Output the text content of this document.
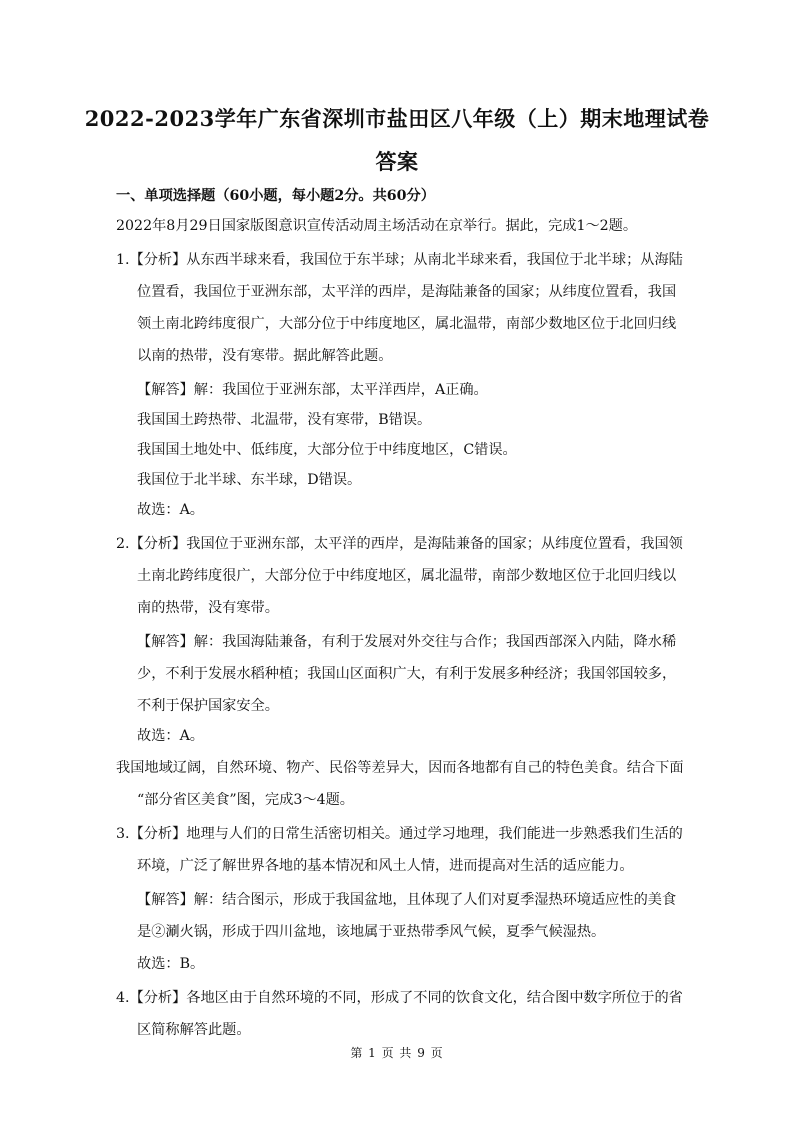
2022-2023学年广东省深圳市盐田区八年级（上）期末地理试卷
答案
一、单项选择题（60小题，每小题2分。共60分）
2022年8月29日国家版图意识宣传活动周主场活动在京举行。据此，完成1～2题。
1.【分析】从东西半球来看，我国位于东半球；从南北半球来看，我国位于北半球；从海陆
位置看，我国位于亚洲东部，太平洋的西岸，是海陆兼备的国家；从纬度位置看，我国
领土南北跨纬度很广，大部分位于中纬度地区，属北温带，南部少数地区位于北回归线
以南的热带，没有寒带。据此解答此题。
【解答】解：我国位于亚洲东部，太平洋西岸，A正确。
我国国土跨热带、北温带，没有寒带，B错误。
我国国土地处中、低纬度，大部分位于中纬度地区，C错误。
我国位于北半球、东半球，D错误。
故选：A。
2.【分析】我国位于亚洲东部，太平洋的西岸，是海陆兼备的国家；从纬度位置看，我国领
土南北跨纬度很广，大部分位于中纬度地区，属北温带，南部少数地区位于北回归线以
南的热带，没有寒带。
【解答】解：我国海陆兼备，有利于发展对外交往与合作；我国西部深入内陆，降水稀
少，不利于发展水稻种植；我国山区面积广大，有利于发展多种经济；我国邻国较多，
不利于保护国家安全。
故选：A。
我国地域辽阔，自然环境、物产、民俗等差异大，因而各地都有自己的特色美食。结合下面
“部分省区美食”图，完成3～4题。
3.【分析】地理与人们的日常生活密切相关。通过学习地理，我们能进一步熟悉我们生活的
环境，广泛了解世界各地的基本情况和风土人情，进而提高对生活的适应能力。
【解答】解：结合图示，形成于我国盆地，且体现了人们对夏季湿热环境适应性的美食
是②涮火锅，形成于四川盆地，该地属于亚热带季风气候，夏季气候湿热。
故选：B。
4.【分析】各地区由于自然环境的不同，形成了不同的饮食文化，结合图中数字所位于的省
区简称解答此题。
第 1 页 共 9 页
